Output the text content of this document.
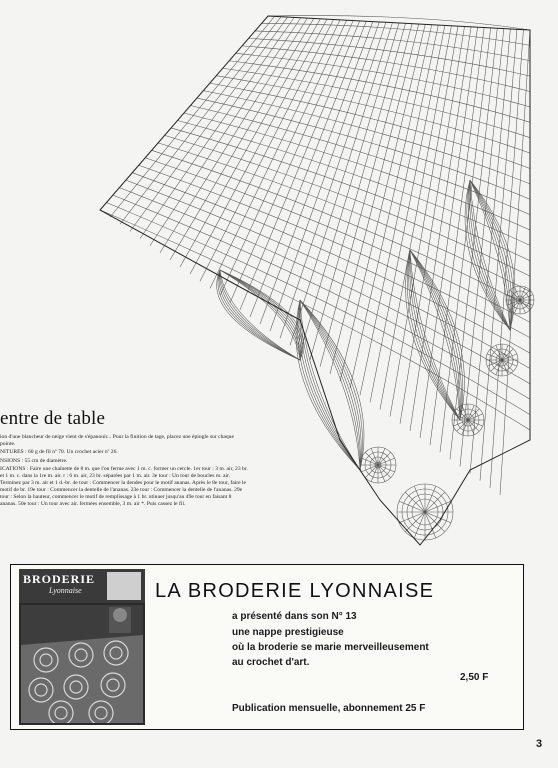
entre de table

ion d'une blancheur de neige vient de s'épanouir... Pour la finition de tage, placez une épingle sur chaque pointe.

NITURES : 60 g de fil nº 70. Un crochet acier nº 26.

NSIONS : 55 cm de diamètre.

ICATIONS : Faire une chaînette de 8 m. que l'on ferme avec 1 m. c. former un cercle. 1er tour : 3 m. air, 23 br. et 1 m. c. dans la 1re m. air. r : 6 m. air, 23 br. séparées par 1 m. air. 3e tour : Un tour de boucles m. air. Terminez par 3 m. air et 1 d.-br. 4e tour : Commencer la dendes pour le motif ananas. Après le 8e tour, faire le motif de br. 19e tour : Commencer la dentelle de l'ananas. 23e tour : Commencer la dentelle de l'ananas. 29e tour : Selon la hauteur, commencer le motif de remplissage à 1 br. ntinuer jusqu'au 49e tour en faisant 8 ananas. 50e tour : Un tour avec air. fermées ensemble, 3 m. air *. Puis cassez le fil.

BRODERIE
Lyonnaise	LA BRODERIE LYONNAISE
a présenté dans son N° 13
une nappe prestigieuse
où la broderie se marie merveilleusement
au crochet d'art.
2,50 F
Publication mensuelle, abonnement 25 F
3
